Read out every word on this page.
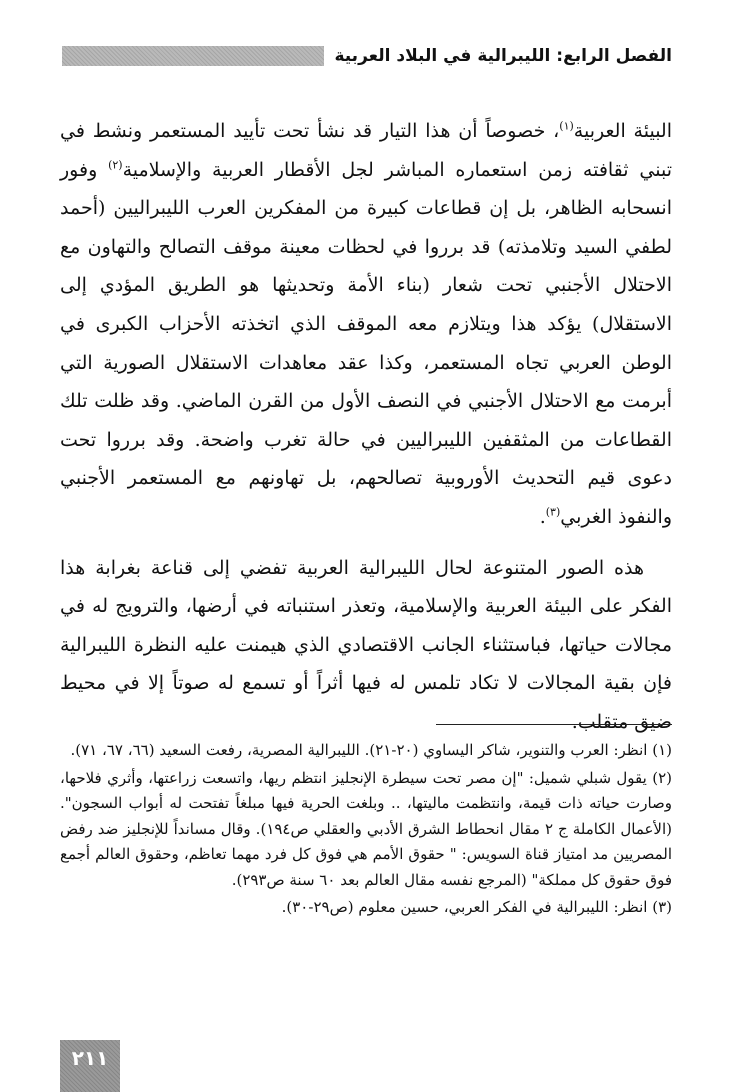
الفصل الرابع: الليبرالية في البلاد العربية

البيئة العربية$^{(١)}$، خصوصاً أن هذا التيار قد نشأ تحت تأييد المستعمر ونشط في تبني ثقافته زمن استعماره المباشر لجل الأقطار العربية والإسلامية$^{(٢)}$ وفور انسحابه الظاهر، بل إن قطاعات كبيرة من المفكرين العرب الليبراليين (أحمد لطفي السيد وتلامذته) قد برروا في لحظات معينة موقف التصالح والتهاون مع الاحتلال الأجنبي تحت شعار (بناء الأمة وتحديثها هو الطريق المؤدي إلى الاستقلال) يؤكد هذا ويتلازم معه الموقف الذي اتخذته الأحزاب الكبرى في الوطن العربي تجاه المستعمر، وكذا عقد معاهدات الاستقلال الصورية التي أبرمت مع الاحتلال الأجنبي في النصف الأول من القرن الماضي. وقد ظلت تلك القطاعات من المثقفين الليبراليين في حالة تغرب واضحة. وقد برروا تحت دعوى قيم التحديث الأوروبية تصالحهم، بل تهاونهم مع المستعمر الأجنبي والنفوذ الغربي$^{(٣)}$.

هذه الصور المتنوعة لحال الليبرالية العربية تفضي إلى قناعة بغرابة هذا الفكر على البيئة العربية والإسلامية، وتعذر استنباته في أرضها، والترويج له في مجالات حياتها، فباستثناء الجانب الاقتصادي الذي هيمنت عليه النظرة الليبرالية فإن بقية المجالات لا تكاد تلمس له فيها أثراً أو تسمع له صوتاً إلا في محيط ضيق متقلب.

(١) انظر: العرب والتنوير، شاكر اليساوي (٢٠-٢١). الليبرالية المصرية، رفعت السعيد (٦٦، ٦٧، ٧١).

(٢) يقول شبلي شميل: "إن مصر تحت سيطرة الإنجليز انتظم ريها، واتسعت زراعتها، وأثري فلاحها، وصارت حياته ذات قيمة، وانتظمت ماليتها، .. وبلغت الحرية فيها مبلغاً تفتحت له أبواب السجون". (الأعمال الكاملة ج ٢ مقال انحطاط الشرق الأدبي والعقلي ص١٩٤). وقال مسانداً للإنجليز ضد رفض المصريين مد امتياز قناة السويس: " حقوق الأمم هي فوق كل فرد مهما تعاظم، وحقوق العالم أجمع فوق حقوق كل مملكة" (المرجع نفسه مقال العالم بعد ٦٠ سنة ص٢٩٣).

(٣) انظر: الليبرالية في الفكر العربي، حسين معلوم (ص٢٩-٣٠).

٢١١
